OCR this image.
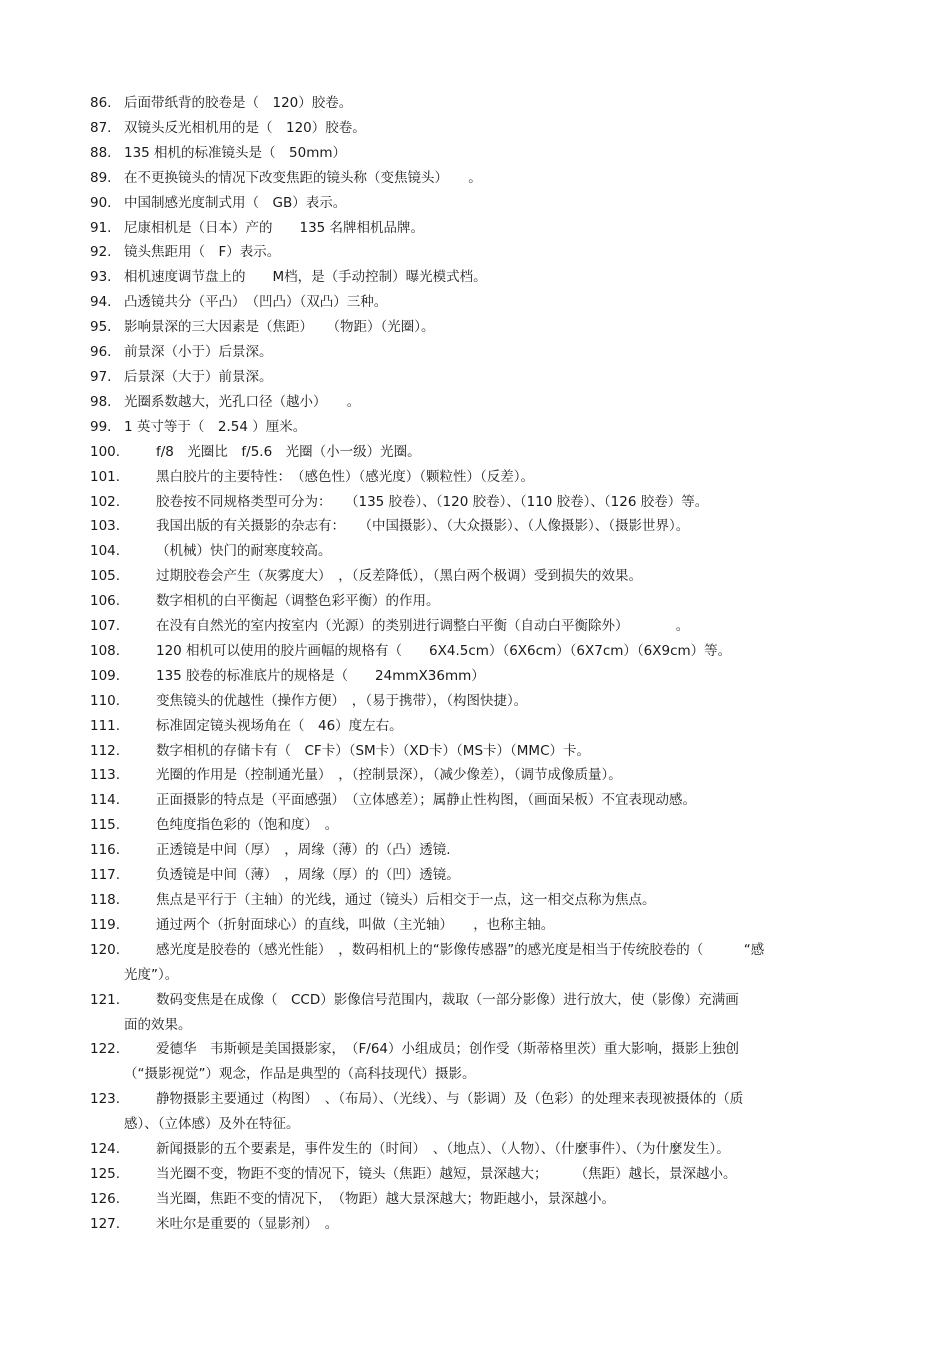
86. 后面带纸背的胶卷是（　120）胶卷。
87. 双镜头反光相机用的是（　120）胶卷。
88. 135 相机的标准镜头是（　50mm）
89. 在不更换镜头的情况下改变焦距的镜头称（变焦镜头）　　。
90. 中国制感光度制式用（　GB）表示。
91. 尼康相机是（日本）产的　　135 名牌相机品牌。
92. 镜头焦距用（　F）表示。
93. 相机速度调节盘上的　　M档，是（手动控制）曝光模式档。
94. 凸透镜共分（平凸）　（凹凸）（双凸）三种。
95. 影响景深的三大因素是（焦距）　　（物距）（光圈）。
96. 前景深（小于）后景深。
97. 后景深（大于）前景深。
98. 光圈系数越大，光孔口径（越小）　　。
99. 1 英寸等于（　2.54 ）厘米。
100.	f/8　光圈比　f/5.6　光圈（小一级）光圈。
101.	黑白胶片的主要特性：　（感色性）（感光度）（颗粒性）（反差）。
102.	胶卷按不同规格类型可分为：　　（135 胶卷）、（120 胶卷）、（110 胶卷）、（126 胶卷）等。
103.	我国出版的有关摄影的杂志有：　　（中国摄影）、（大众摄影）、（人像摄影）、（摄影世界）。
104.	（机械）快门的耐寒度较高。
105.	过期胶卷会产生（灰雾度大）　，（反差降低），（黑白两个极调）受到损失的效果。
106.	数字相机的白平衡起（调整色彩平衡）的作用。
107.	在没有自然光的室内按室内（光源）的类别进行调整白平衡（自动白平衡除外）　　　　。
108.	120 相机可以使用的胶片画幅的规格有（　　6X4.5cm）（6X6cm）（6X7cm）（6X9cm）等。
109.	135 胶卷的标准底片的规格是（　　24mmX36mm）
110.	变焦镜头的优越性（操作方便）　，（易于携带），（构图快捷）。
111.	标准固定镜头视场角在（　46）度左右。
112.	数字相机的存储卡有（　CF卡）（SM卡）（XD卡）（MS卡）（MMC）卡。
113.	光圈的作用是（控制通光量）　，（控制景深），（减少像差），（调节成像质量）。
114.	正面摄影的特点是（平面感强）　（立体感差）；属静止性构图，（画面呆板）不宜表现动感。
115.	色纯度指色彩的（饱和度）　。
116.	正透镜是中间（厚）　，周缘（薄）的（凸）透镜.
117.	负透镜是中间（薄）　，周缘（厚）的（凹）透镜。
118.	焦点是平行于（主轴）的光线，通过（镜头）后相交于一点，这一相交点称为焦点。
119.	通过两个（折射面球心）的直线，叫做（主光轴）　　，也称主轴。
120.	感光度是胶卷的（感光性能）　，数码相机上的“影像传感器”的感光度是相当于传统胶卷的（　　　“感
光度”）。
121.	数码变焦是在成像（　CCD）影像信号范围内，裁取（一部分影像）进行放大，使（影像）充满画
面的效果。
122.	爱德华　韦斯顿是美国摄影家，　（F/64）小组成员；创作受（斯蒂格里茨）重大影响，摄影上独创
（“摄影视觉”）观念，作品是典型的（高科技现代）摄影。
123.	静物摄影主要通过（构图）　、（布局）、（光线）、与（影调）及（色彩）的处理来表现被摄体的（质
感）、（立体感）及外在特征。
124.	新闻摄影的五个要素是，事件发生的（时间）　、（地点）、（人物）、（什麼事件）、（为什麼发生）。
125.	当光圈不变，物距不变的情况下，镜头（焦距）越短，景深越大；　　　（焦距）越长，景深越小。
126.	当光圈，焦距不变的情况下，　（物距）越大景深越大；物距越小，景深越小。
127.	米吐尔是重要的（显影剂）　。
